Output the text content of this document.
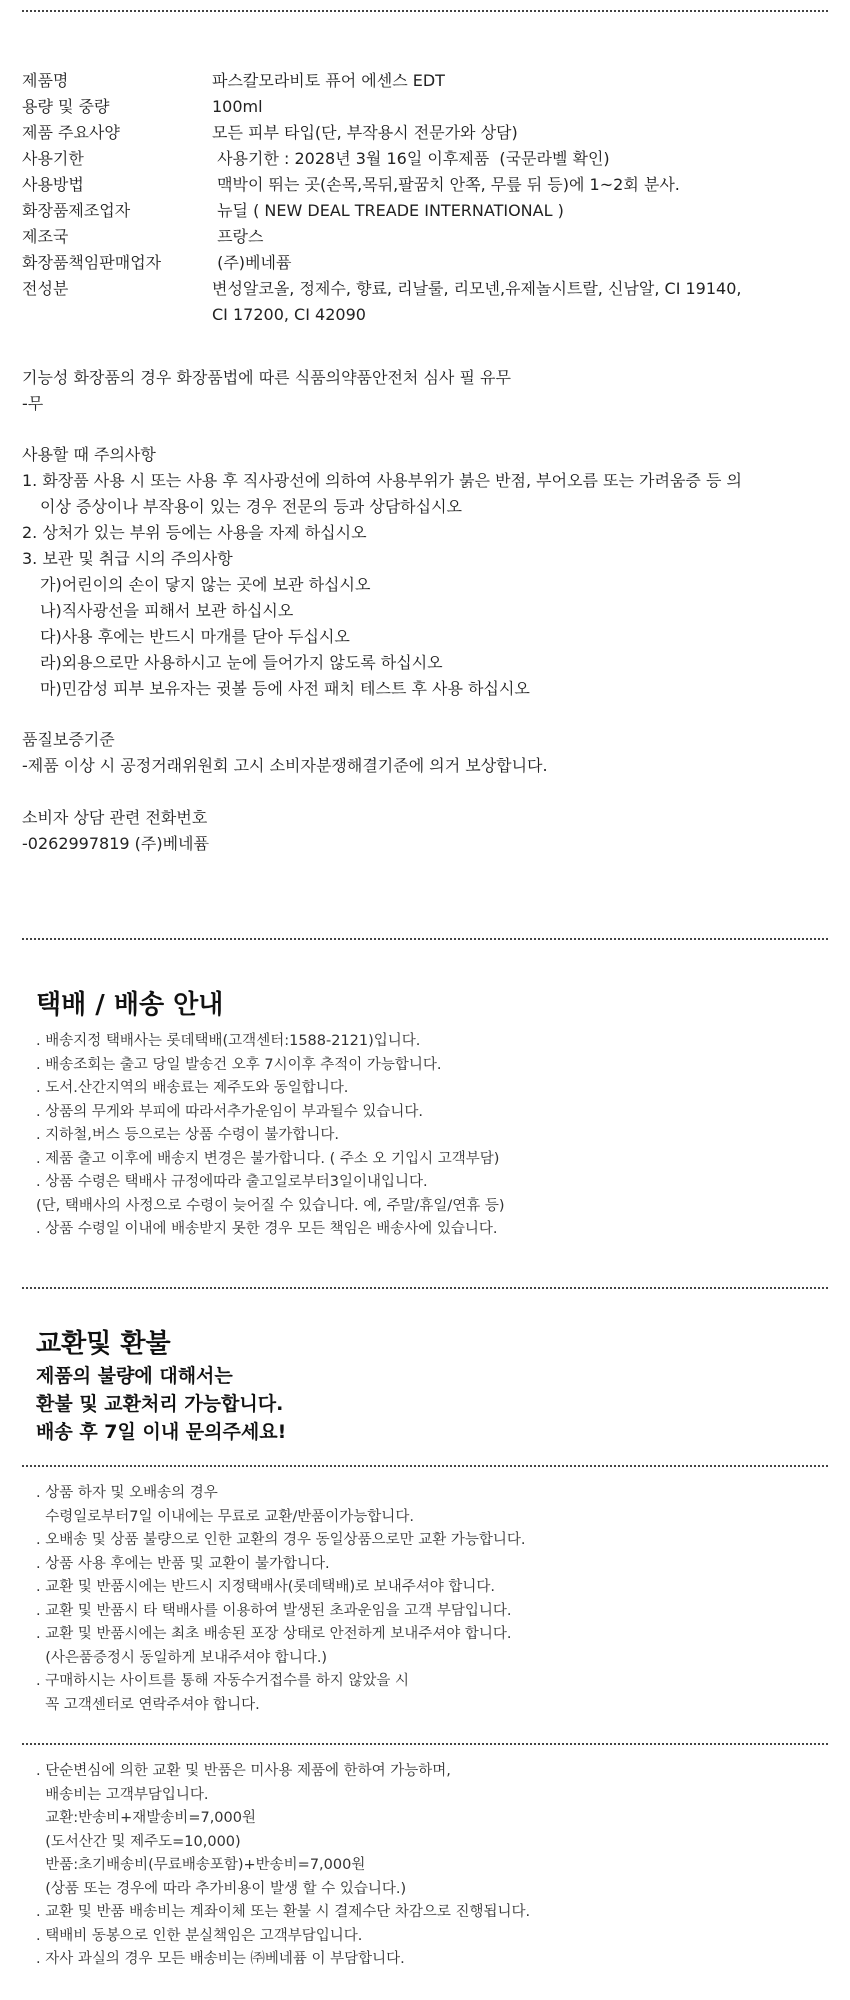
제품명	파스칼모라비토 퓨어 에센스 EDT
용량 및 중량	100ml
제품 주요사양	모든 피부 타입(단, 부작용시 전문가와 상담)
사용기한	사용기한 : 2028년 3월 16일 이후제품  (국문라벨 확인)
사용방법	맥박이 뛰는 곳(손목,목뒤,팔꿈치 안쪽, 무릎 뒤 등)에 1~2회 분사.
화장품제조업자	뉴딜 ( NEW DEAL TREADE INTERNATIONAL )
제조국	프랑스
화장품책임판매업자	(주)베네퓸
전성분	변성알코올, 정제수, 향료, 리날룰, 리모넨,유제놀시트랄, 신남알, CI 19140,
CI 17200, CI 42090

기능성 화장품의 경우 화장품법에 따른 식품의약품안전처 심사 필 유무

-무

사용할 때 주의사항

1. 화장품 사용 시 또는 사용 후 직사광선에 의하여 사용부위가 붉은 반점, 부어오름 또는 가려움증 등 의

이상 증상이나 부작용이 있는 경우 전문의 등과 상담하십시오

2. 상처가 있는 부위 등에는 사용을 자제 하십시오

3. 보관 및 취급 시의 주의사항

가)어린이의 손이 닿지 않는 곳에 보관 하십시오

나)직사광선을 피해서 보관 하십시오

다)사용 후에는 반드시 마개를 닫아 두십시오

라)외용으로만 사용하시고 눈에 들어가지 않도록 하십시오

마)민감성 피부 보유자는 귓볼 등에 사전 패치 테스트 후 사용 하십시오

품질보증기준

-제품 이상 시 공정거래위원회 고시 소비자분쟁해결기준에 의거 보상합니다.

소비자 상담 관련 전화번호

-0262997819 (주)베네퓸

택배 / 배송 안내

. 배송지정 택배사는 롯데택배(고객센터:1588-2121)입니다.

. 배송조회는 출고 당일 발송건 오후 7시이후 추적이 가능합니다.

. 도서.산간지역의 배송료는 제주도와 동일합니다.

. 상품의 무게와 부피에 따라서추가운임이 부과될수 있습니다.

. 지하철,버스 등으로는 상품 수령이 불가합니다.

. 제품 출고 이후에 배송지 변경은 불가합니다. ( 주소 오 기입시 고객부담)

. 상품 수령은 택배사 규정에따라 출고일로부터3일이내입니다.

(단, 택배사의 사정으로 수령이 늦어질 수 있습니다. 예, 주말/휴일/연휴 등)

. 상품 수령일 이내에 배송받지 못한 경우 모든 책임은 배송사에 있습니다.

교환및 환불

제품의 불량에 대해서는

환불 및 교환처리 가능합니다.

배송 후 7일 이내 문의주세요!

. 상품 하자 및 오배송의 경우

수령일로부터7일 이내에는 무료로 교환/반품이가능합니다.

. 오배송 및 상품 불량으로 인한 교환의 경우 동일상품으로만 교환 가능합니다.

. 상품 사용 후에는 반품 및 교환이 불가합니다.

. 교환 및 반품시에는 반드시 지정택배사(롯데택배)로 보내주셔야 합니다.

. 교환 및 반품시 타 택배사를 이용하여 발생된 초과운임을 고객 부담입니다.

. 교환 및 반품시에는 최초 배송된 포장 상태로 안전하게 보내주셔야 합니다.

(사은품증정시 동일하게 보내주셔야 합니다.)

. 구매하시는 사이트를 통해 자동수거접수를 하지 않았을 시

꼭 고객센터로 연락주셔야 합니다.

. 단순변심에 의한 교환 및 반품은 미사용 제품에 한하여 가능하며,

배송비는 고객부담입니다.

교환:반송비+재발송비=7,000원

(도서산간 및 제주도=10,000)

반품:초기배송비(무료배송포함)+반송비=7,000원

(상품 또는 경우에 따라 추가비용이 발생 할 수 있습니다.)

. 교환 및 반품 배송비는 계좌이체 또는 환불 시 결제수단 차감으로 진행됩니다.

. 택배비 동봉으로 인한 분실책임은 고객부담입니다.

. 자사 과실의 경우 모든 배송비는 ㈜베네퓸 이 부담합니다.
